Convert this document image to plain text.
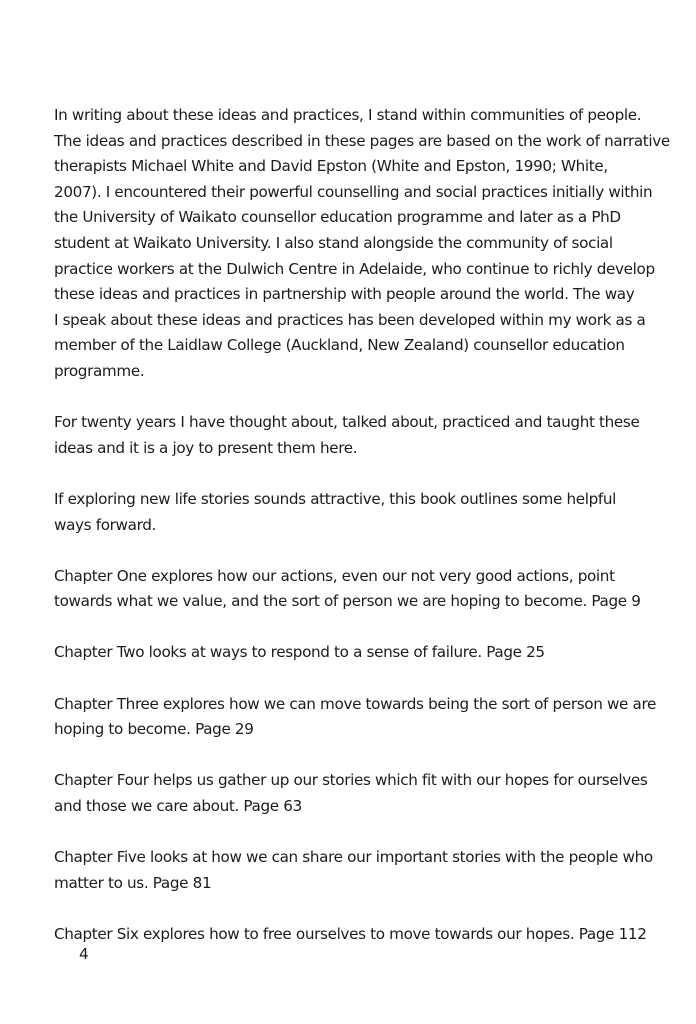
In writing about these ideas and practices, I stand within communities of people.
The ideas and practices described in these pages are based on the work of narrative
therapists Michael White and David Epston (White and Epston, 1990; White,
2007). I encountered their powerful counselling and social practices initially within
the University of Waikato counsellor education programme and later as a PhD
student at Waikato University. I also stand alongside the community of social
practice workers at the Dulwich Centre in Adelaide, who continue to richly develop
these ideas and practices in partnership with people around the world. The way
I speak about these ideas and practices has been developed within my work as a
member of the Laidlaw College (Auckland, New Zealand) counsellor education
programme.

For twenty years I have thought about, talked about, practiced and taught these
ideas and it is a joy to present them here.

If exploring new life stories sounds attractive, this book outlines some helpful
ways forward.

Chapter One explores how our actions, even our not very good actions, point
towards what we value, and the sort of person we are hoping to become. Page 9

Chapter Two looks at ways to respond to a sense of failure. Page 25

Chapter Three explores how we can move towards being the sort of person we are
hoping to become. Page 29

Chapter Four helps us gather up our stories which fit with our hopes for ourselves
and those we care about. Page 63

Chapter Five looks at how we can share our important stories with the people who
matter to us. Page 81

Chapter Six explores how to free ourselves to move towards our hopes. Page 112

4
